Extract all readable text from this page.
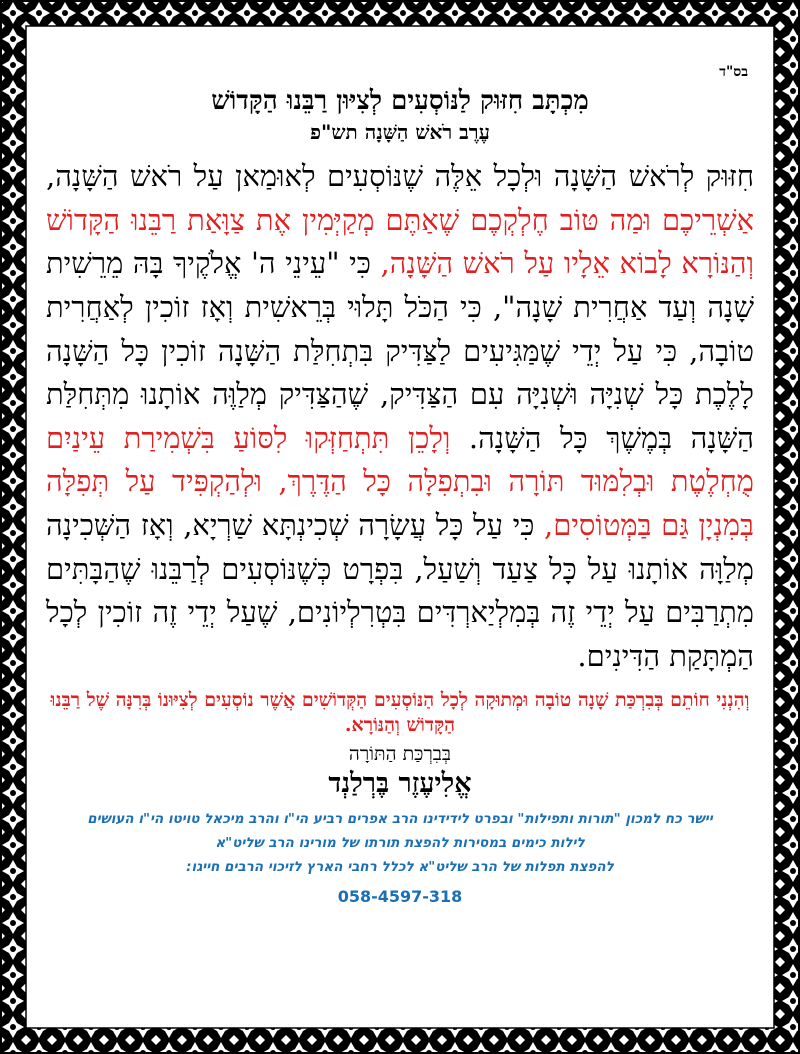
בס"ד
מִכְתָּב חִזּוּק לַנּוֹסְעִים לְצִיּוּן רַבֵּנוּ הַקָּדוֹשׁ
עֶרֶב רֹאשׁ הַשָּׁנָה תש"פ
חִזּוּק לְרֹאשׁ הַשָּׁנָה וּלְכָל אֵלֶּה שֶׁנּוֹסְעִים לְאוּמַאן עַל רֹאשׁ הַשָּׁנָה, אַשְׁרֵיכֶם וּמַה טּוֹב חֶלְקְכֶם שֶׁאַתֶּם מְקַיְּמִין אֶת צַוָּאַת רַבֵּנוּ הַקָּדוֹשׁ וְהַנּוֹרָא לָבוֹא אֵלָיו עַל רֹאשׁ הַשָּׁנָה, כִּי "עֵינֵי ה' אֱלֹקֶיךָ בָּהּ מֵרֵשִׁית שָׁנָה וְעַד אַחֲרִית שָׁנָה", כִּי הַכֹּל תָּלוּי בְּרֵאשִׁית וְאָז זוֹכִין לְאַחֲרִית טוֹבָה, כִּי עַל יְדֵי שֶׁמַּגִּיעִים לַצַּדִּיק בִּתְחִלַּת הַשָּׁנָה זוֹכִין כָּל הַשָּׁנָה לָלֶכֶת כָּל שְׁנִיָּה וּשְׁנִיָּה עִם הַצַּדִּיק, שֶׁהַצַּדִּיק מְלַוֶּה אוֹתָנוּ מִתְּחִלַּת הַשָּׁנָה בְּמֶשֶׁךְ כָּל הַשָּׁנָה. וְלָכֵן תִּתְחַזְּקוּ לִסּוֹעַ בִּשְׁמִירַת עֵינַיִם מֻחְלֶטֶת וּבְלִמּוּד תּוֹרָה וּבִתְפִלָּה כָּל הַדֶּרֶךְ, וּלְהַקְפִּיד עַל תְּפִלָּה בְּמִנְיָן גַּם בַּמְּטוֹסִים, כִּי עַל כָּל עֲשָׂרָה שְׁכִינְתָּא שַׁרְיָא, וְאָז הַשְּׁכִינָה מְלַוָּה אוֹתָנוּ עַל כָּל צַעַד וְשַׁעַל, בִּפְרָט כְּשֶׁנּוֹסְעִים לְרַבֵּנוּ שֶׁהַבָּתִּים מִתְרַבִּים עַל יְדֵי זֶה בְּמִלְיַארְדִּים בִּטְרִלְיוֹנִים, שֶׁעַל יְדֵי זֶה זוֹכִין לְכָל הַמְתָּקַת הַדִּינִים.
וְהִנְנִי חוֹתֵם בְּבִרְכַּת שָׁנָה טוֹבָה וּמְתוּקָה לְכָל הַנּוֹסְעִים הַקְּדוֹשִׁים אֲשֶׁר נוֹסְעִים לְצִיּוּנוֹ בְּרִנָּה שֶׁל רַבֵּנוּ הַקָּדוֹשׁ וְהַנּוֹרָא.
בְּבִרְכַּת הַתּוֹרָה
אֱלִיעֶזֶר בֶּרְלַנְד
יישר כח למכון "תורות ותפילות" ובפרט לידידינו הרב אפרים רביע הי"ו והרב מיכאל טויטו הי"ו העושים
לילות כימים במסירות להפצת תורתו של מורינו הרב שליט"א
להפצת תפלות של הרב שליט"א לכלל רחבי הארץ לזיכוי הרבים חייגו:
058-4597-318
